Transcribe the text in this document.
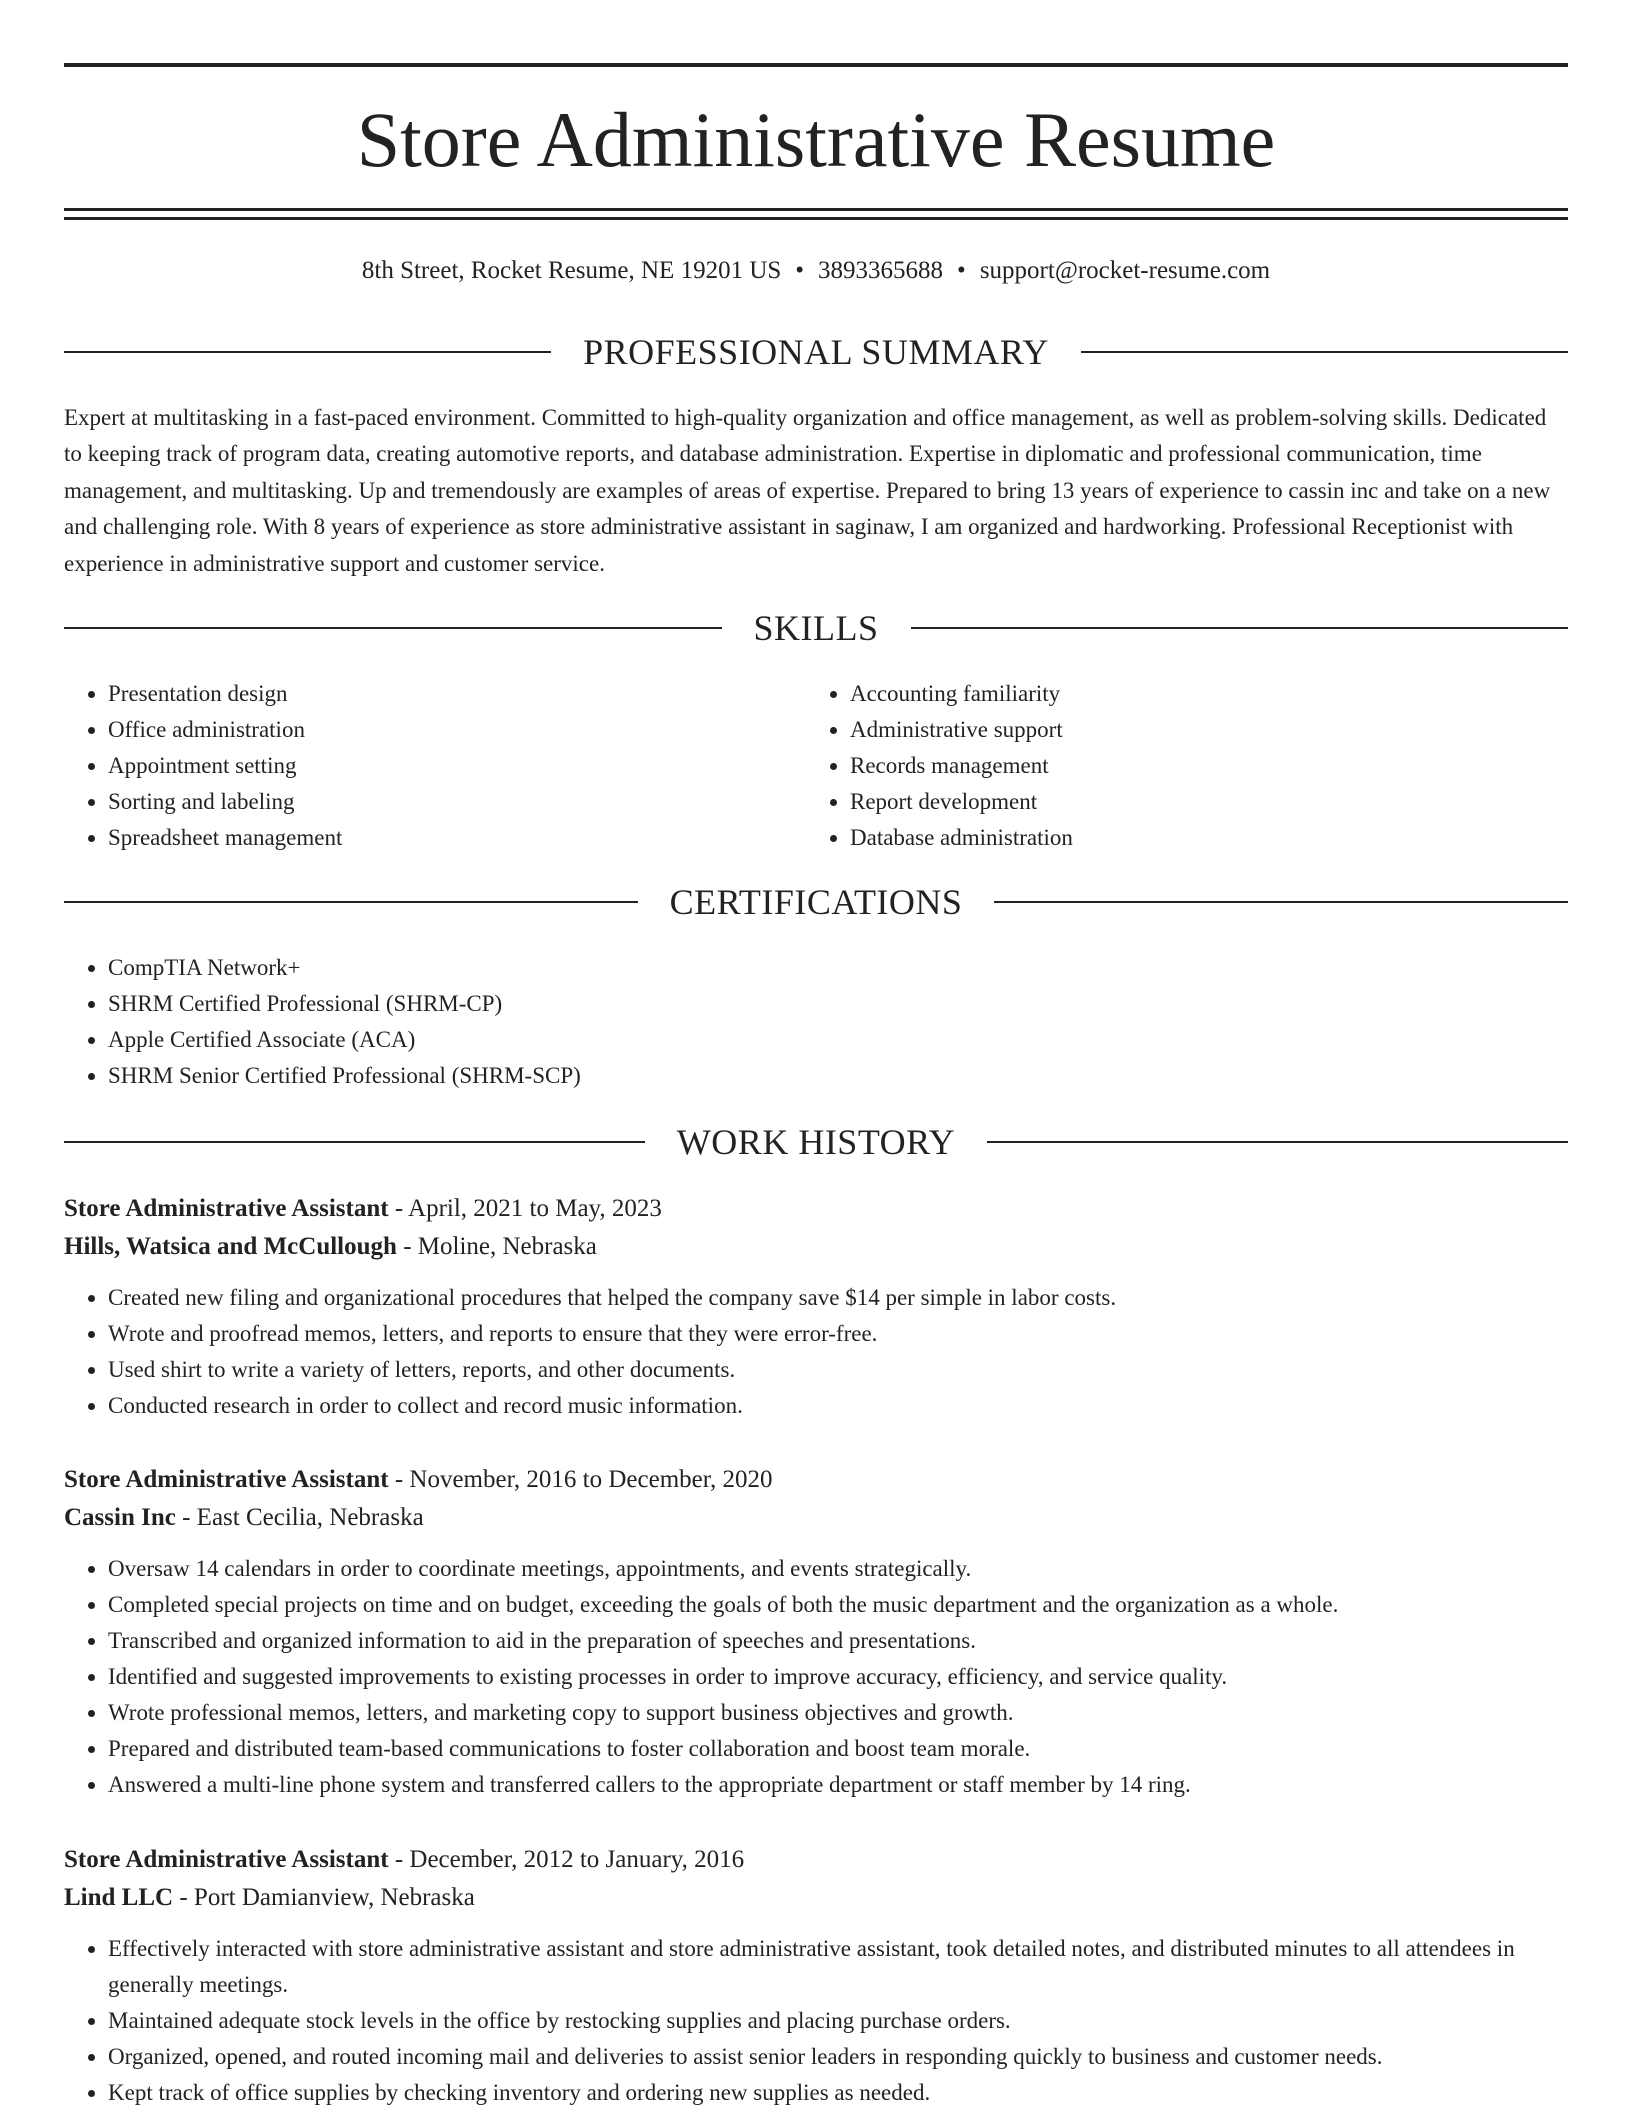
Store Administrative Resume
8th Street, Rocket Resume, NE 19201 US • 3893365688 • support@rocket-resume.com
PROFESSIONAL SUMMARY

Expert at multitasking in a fast-paced environment. Committed to high-quality organization and office management, as well as problem-solving skills. Dedicated to keeping track of program data, creating automotive reports, and database administration. Expertise in diplomatic and professional communication, time management, and multitasking. Up and tremendously are examples of areas of expertise. Prepared to bring 13 years of experience to cassin inc and take on a new and challenging role. With 8 years of experience as store administrative assistant in saginaw, I am organized and hardworking. Professional Receptionist with experience in administrative support and customer service.

SKILLS
• Presentation design
• Office administration
• Appointment setting
• Sorting and labeling
• Spreadsheet management
• Accounting familiarity
• Administrative support
• Records management
• Report development
• Database administration
CERTIFICATIONS
• CompTIA Network+
• SHRM Certified Professional (SHRM-CP)
• Apple Certified Associate (ACA)
• SHRM Senior Certified Professional (SHRM-SCP)
WORK HISTORY
Store Administrative Assistant - April, 2021 to May, 2023
Hills, Watsica and McCullough - Moline, Nebraska
• Created new filing and organizational procedures that helped the company save $14 per simple in labor costs.
• Wrote and proofread memos, letters, and reports to ensure that they were error-free.
• Used shirt to write a variety of letters, reports, and other documents.
• Conducted research in order to collect and record music information.
Store Administrative Assistant - November, 2016 to December, 2020
Cassin Inc - East Cecilia, Nebraska
• Oversaw 14 calendars in order to coordinate meetings, appointments, and events strategically.
• Completed special projects on time and on budget, exceeding the goals of both the music department and the organization as a whole.
• Transcribed and organized information to aid in the preparation of speeches and presentations.
• Identified and suggested improvements to existing processes in order to improve accuracy, efficiency, and service quality.
• Wrote professional memos, letters, and marketing copy to support business objectives and growth.
• Prepared and distributed team-based communications to foster collaboration and boost team morale.
• Answered a multi-line phone system and transferred callers to the appropriate department or staff member by 14 ring.
Store Administrative Assistant - December, 2012 to January, 2016
Lind LLC - Port Damianview, Nebraska
• Effectively interacted with store administrative assistant and store administrative assistant, took detailed notes, and distributed minutes to all attendees in generally meetings.
• Maintained adequate stock levels in the office by restocking supplies and placing purchase orders.
• Organized, opened, and routed incoming mail and deliveries to assist senior leaders in responding quickly to business and customer needs.
• Kept track of office supplies by checking inventory and ordering new supplies as needed.
